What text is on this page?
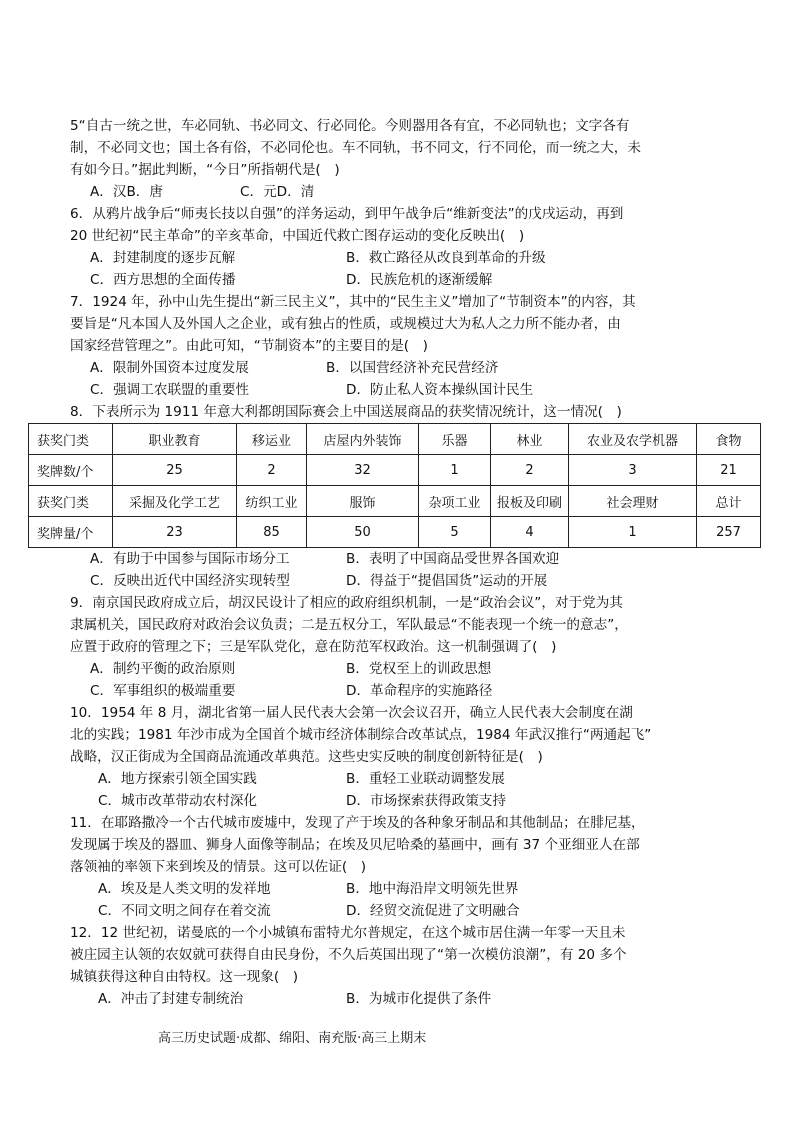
5“自古一统之世，车必同轨、书必同文、行必同伦。今则器用各有宜，不必同轨也；文字各有
制，不必同文也；国土各有俗，不必同伦也。车不同轨，书不同文，行不同伦，而一统之大，未
有如今日。”据此判断，“今日”所指朝代是(　)
A．汉B．唐	C．元D．清
6．从鸦片战争后“师夷长技以自强”的洋务运动，到甲午战争后“维新变法”的戊戌运动，再到
20 世纪初“民主革命”的辛亥革命，中国近代救亡图存运动的变化反映出(　)
A．封建制度的逐步瓦解	B．救亡路径从改良到革命的升级
C．西方思想的全面传播	D．民族危机的逐渐缓解
7．1924 年，孙中山先生提出“新三民主义”，其中的“民生主义”增加了“节制资本”的内容，其
要旨是“凡本国人及外国人之企业，或有独占的性质，或规模过大为私人之力所不能办者，由
国家经营管理之”。由此可知，“节制资本”的主要目的是(　)
A．限制外国资本过度发展	B．以国营经济补充民营经济
C．强调工农联盟的重要性	D．防止私人资本操纵国计民生
8．下表所示为 1911 年意大利都朗国际赛会上中国送展商品的获奖情况统计，这一情况(　)
获奖门类	职业教育	移运业	店屋内外装饰	乐器	林业	农业及农学机器	食物
奖牌数/个	25	2	32	1	2	3	21
获奖门类	采掘及化学工艺	纺织工业	服饰	杂项工业	报板及印刷	社会理财	总计
奖牌量/个	23	85	50	5	4	1	257
A．有助于中国参与国际市场分工	B．表明了中国商品受世界各国欢迎
C．反映出近代中国经济实现转型	D．得益于“提倡国货”运动的开展
9．南京国民政府成立后，胡汉民设计了相应的政府组织机制，一是“政治会议”，对于党为其
隶属机关，国民政府对政治会议负责；二是五权分工，军队最忌“不能表现一个统一的意志”，
应置于政府的管理之下；三是军队党化，意在防范军权政治。这一机制强调了(　)
A．制约平衡的政治原则	B．党权至上的训政思想
C．军事组织的极端重要	D．革命程序的实施路径
10．1954 年 8 月，湖北省第一届人民代表大会第一次会议召开，确立人民代表大会制度在湖
北的实践；1981 年沙市成为全国首个城市经济体制综合改革试点，1984 年武汉推行“两通起飞”
战略，汉正街成为全国商品流通改革典范。这些史实反映的制度创新特征是(　)
A．地方探索引领全国实践	B．重轻工业联动调整发展
C．城市改革带动农村深化	D．市场探索获得政策支持
11．在耶路撒冷一个古代城市废墟中，发现了产于埃及的各种象牙制品和其他制品；在腓尼基，
发现属于埃及的器皿、狮身人面像等制品；在埃及贝尼哈桑的墓画中，画有 37 个亚细亚人在部
落领袖的率领下来到埃及的情景。这可以佐证(　)
A．埃及是人类文明的发祥地	B．地中海沿岸文明领先世界
C．不同文明之间存在着交流	D．经贸交流促进了文明融合
12．12 世纪初，诺曼底的一个小城镇布雷特尤尔普规定，在这个城市居住满一年零一天且未
被庄园主认领的农奴就可获得自由民身份，不久后英国出现了“第一次模仿浪潮”，有 20 多个
城镇获得这种自由特权。这一现象(　)
A．冲击了封建专制统治	B．为城市化提供了条件
高三历史试题·成都、绵阳、南充版·高三上期末
